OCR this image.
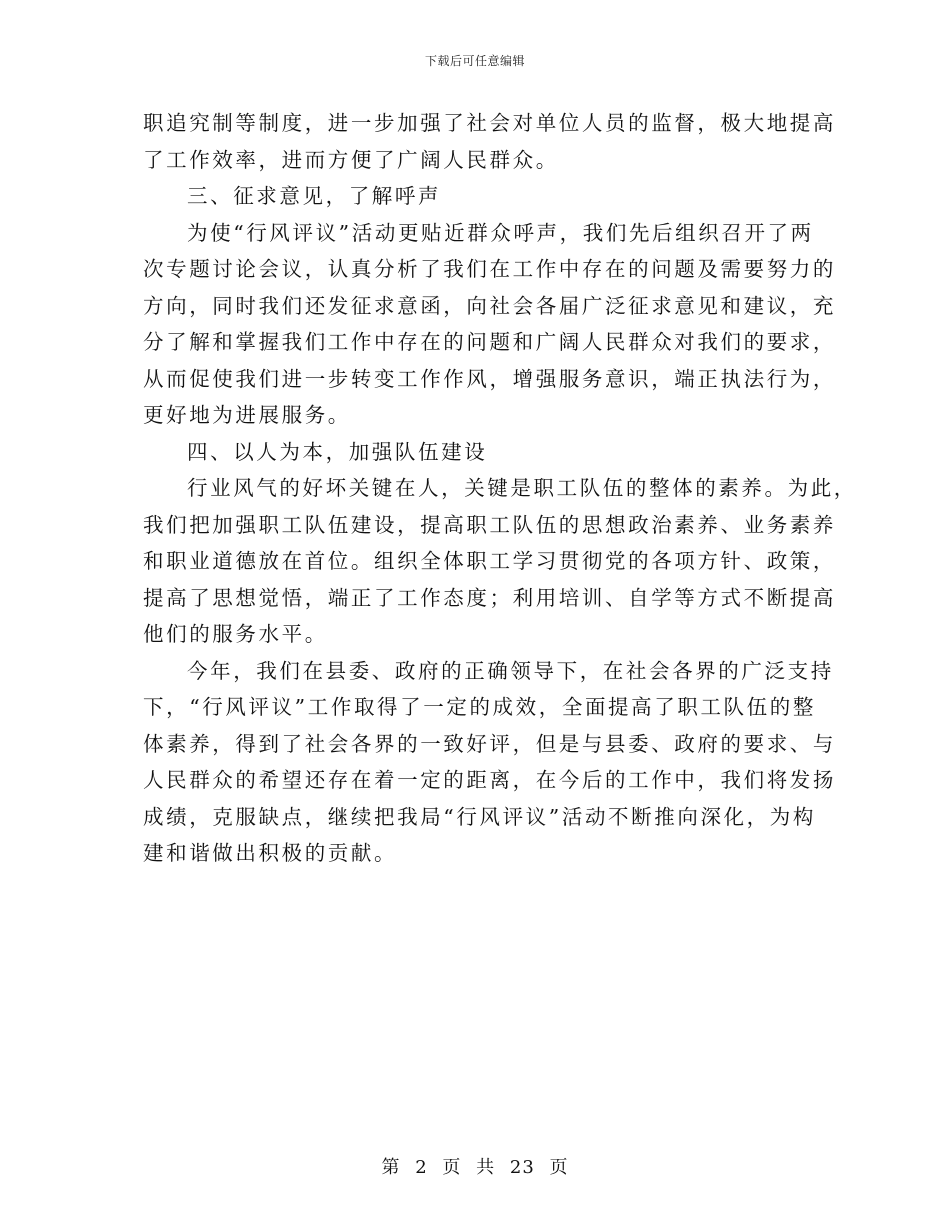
下载后可任意编辑
职追究制等制度，进一步加强了社会对单位人员的监督，极大地提高
了工作效率，进而方便了广阔人民群众。
三、征求意见，了解呼声
为使“行风评议”活动更贴近群众呼声，我们先后组织召开了两
次专题讨论会议，认真分析了我们在工作中存在的问题及需要努力的
方向，同时我们还发征求意函，向社会各届广泛征求意见和建议，充
分了解和掌握我们工作中存在的问题和广阔人民群众对我们的要求，
从而促使我们进一步转变工作作风，增强服务意识，端正执法行为，
更好地为进展服务。
四、以人为本，加强队伍建设
行业风气的好坏关键在人，关键是职工队伍的整体的素养。为此，
我们把加强职工队伍建设，提高职工队伍的思想政治素养、业务素养
和职业道德放在首位。组织全体职工学习贯彻党的各项方针、政策，
提高了思想觉悟，端正了工作态度；利用培训、自学等方式不断提高
他们的服务水平。
今年，我们在县委、政府的正确领导下，在社会各界的广泛支持
下，“行风评议”工作取得了一定的成效，全面提高了职工队伍的整
体素养，得到了社会各界的一致好评，但是与县委、政府的要求、与
人民群众的希望还存在着一定的距离，在今后的工作中，我们将发扬
成绩，克服缺点，继续把我局“行风评议”活动不断推向深化，为构
建和谐做出积极的贡献。
第 2 页 共 23 页
